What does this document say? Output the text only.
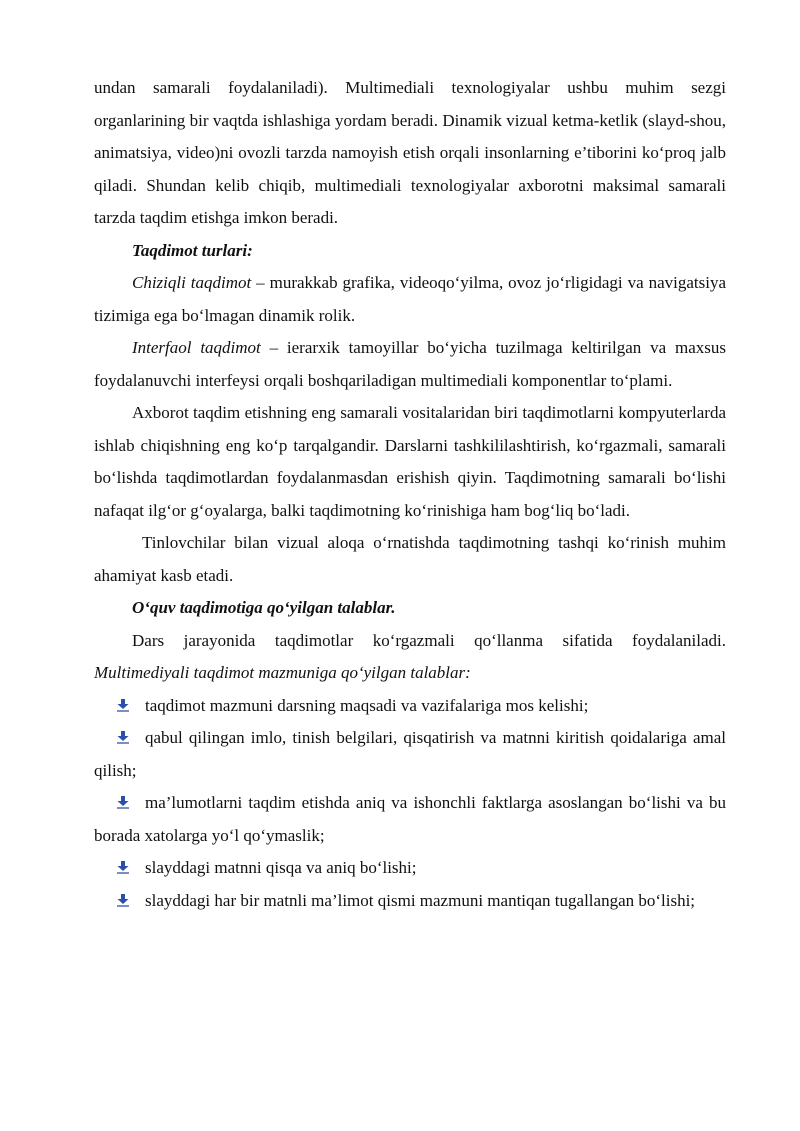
undan samarali foydalaniladi). Multimediali texnologiyalar ushbu muhim sezgi organlarining bir vaqtda ishlashiga yordam beradi. Dinamik vizual ketma-ketlik (slayd-shou, animatsiya, video)ni ovozli tarzda namoyish etish orqali insonlarning e’tiborini ko‘proq jalb qiladi. Shundan kelib chiqib, multimediali texnologiyalar axborotni maksimal samarali tarzda taqdim etishga imkon beradi.

Taqdimot turlari:

Chiziqli taqdimot – murakkab grafika, videoqo‘yilma, ovoz jo‘rligidagi va navigatsiya tizimiga ega bo‘lmagan dinamik rolik.

Interfaol taqdimot – ierarxik tamoyillar bo‘yicha tuzilmaga keltirilgan va maxsus foydalanuvchi interfeysi orqali boshqariladigan multimediali komponentlar to‘plami.

Axborot taqdim etishning eng samarali vositalaridan biri taqdimotlarni kompyuterlarda ishlab chiqishning eng ko‘p tarqalgandir. Darslarni tashkililashtirish, ko‘rgazmali, samarali bo‘lishda taqdimotlardan foydalanmasdan erishish qiyin. Taqdimotning samarali bo‘lishi nafaqat ilg‘or g‘oyalarga, balki taqdimotning ko‘rinishiga ham bog‘liq bo‘ladi.

Tinlovchilar bilan vizual aloqa o‘rnatishda taqdimotning tashqi ko‘rinish muhim ahamiyat kasb etadi.

O‘quv taqdimotiga qo‘yilgan talablar.

Dars jarayonida taqdimotlar ko‘rgazmali qo‘llanma sifatida foydalaniladi. Multimediyali taqdimot mazmuniga qo‘yilgan talablar:

taqdimot mazmuni darsning maqsadi va vazifalariga mos kelishi;

qabul qilingan imlo, tinish belgilari, qisqatirish va matnni kiritish qoidalariga amal qilish;

ma’lumotlarni taqdim etishda aniq va ishonchli faktlarga asoslangan bo‘lishi va bu borada xatolarga yo‘l qo‘ymaslik;

slayddagi matnni qisqa va aniq bo‘lishi;

slayddagi har bir matnli ma’limot qismi mazmuni mantiqan tugallangan bo‘lishi;
